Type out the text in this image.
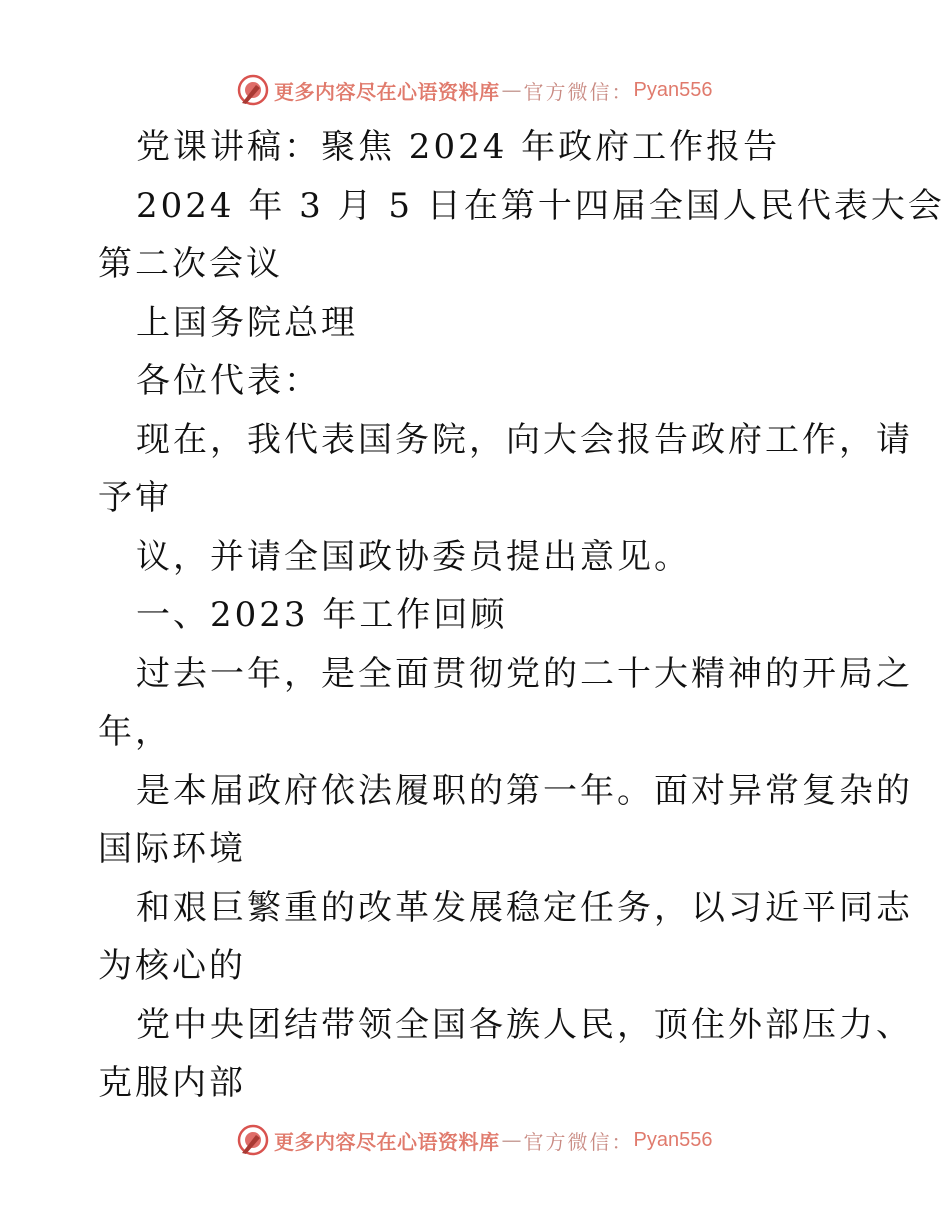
更多内容尽在心语资料库 — 官方微信： Pyan556
党课讲稿：聚焦 2024 年政府工作报告
2024 年 3 月 5 日在第十四届全国人民代表大会
第二次会议
上国务院总理
各位代表：
现在，我代表国务院，向大会报告政府工作，请
予审
议，并请全国政协委员提出意见。
一、2023 年工作回顾
过去一年，是全面贯彻党的二十大精神的开局之
年，
是本届政府依法履职的第一年。面对异常复杂的
国际环境
和艰巨繁重的改革发展稳定任务，以习近平同志
为核心的
党中央团结带领全国各族人民，顶住外部压力、
克服内部
更多内容尽在心语资料库 — 官方微信： Pyan556
